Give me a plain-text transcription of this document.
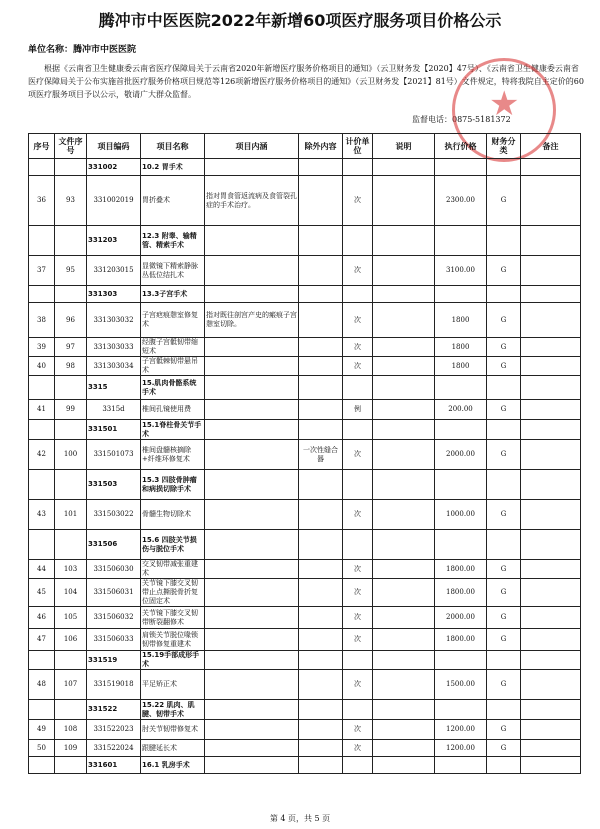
腾冲市中医医院2022年新增60项医疗服务项目价格公示
单位名称：腾冲市中医医院
根据《云南省卫生健康委云南省医疗保障局关于云南省2020年新增医疗服务价格项目的通知》（云卫财务发【2020】47号）、《云南省卫生健康委云南省医疗保障局关于公布实施首批医疗服务价格项目规范等126项新增医疗服务价格项目的通知》（云卫财务发【2021】81号）文件规定，特将我院自主定价的60项医疗服务项目予以公示，敬请广大群众监督。
监督电话：0875-5181372
★
序号	文件序号	项目编码	项目名称	项目内涵	除外内容	计价单位	说明	执行价格	财务分类	备注
		331002	10.2 胃手术							
36	93	331002019	胃折叠术	指对胃食管返流病及食管裂孔症的手术治疗。		次		2300.00	G	
		331203	12.3 附睾、输精管、精索手术							
37	95	331203015	显微镜下精索静脉丛低位结扎术			次		3100.00	G	
		331303	13.3子宫手术							
38	96	331303032	子宫疤痕憩室修复术	指对既往剖宫产史的瘢痕子宫憩室切除。		次		1800	G	
39	97	331303033	经腹子宫骶韧带缩短术			次		1800	G	
40	98	331303034	子宫骶棘韧带悬吊术			次		1800	G	
		3315	15.肌肉骨骼系统手术							
41	99	3315d	椎间孔镜使用费			例		200.00	G	
		331501	15.1脊柱骨关节手术							
42	100	331501073	椎间盘髓核摘除+纤维环修复术		一次性缝合器	次		2000.00	G	
		331503	15.3 四肢骨肿瘤和病损切除手术							
43	101	331503022	骨髓生物切除术			次		1000.00	G	
		331506	15.6 四肢关节损伤与脱位手术							
44	103	331506030	交叉韧带减张重建术			次		1800.00	G	
45	104	331506031	关节镜下膝交叉韧带止点撕脱骨折复位固定术			次		1800.00	G	
46	105	331506032	关节镜下膝交叉韧带断裂翻修术			次		2000.00	G	
47	106	331506033	肩锁关节脱位喙锁韧带修复重建术			次		1800.00	G	
		331519	15.19手部成形手术							
48	107	331519018	平足矫正术			次		1500.00	G	
		331522	15.22 肌肉、肌腱、韧带手术							
49	108	331522023	肘关节韧带修复术			次		1200.00	G	
50	109	331522024	跟腱延长术			次		1200.00	G	
		331601	16.1 乳房手术							
第 4 页，共 5 页
